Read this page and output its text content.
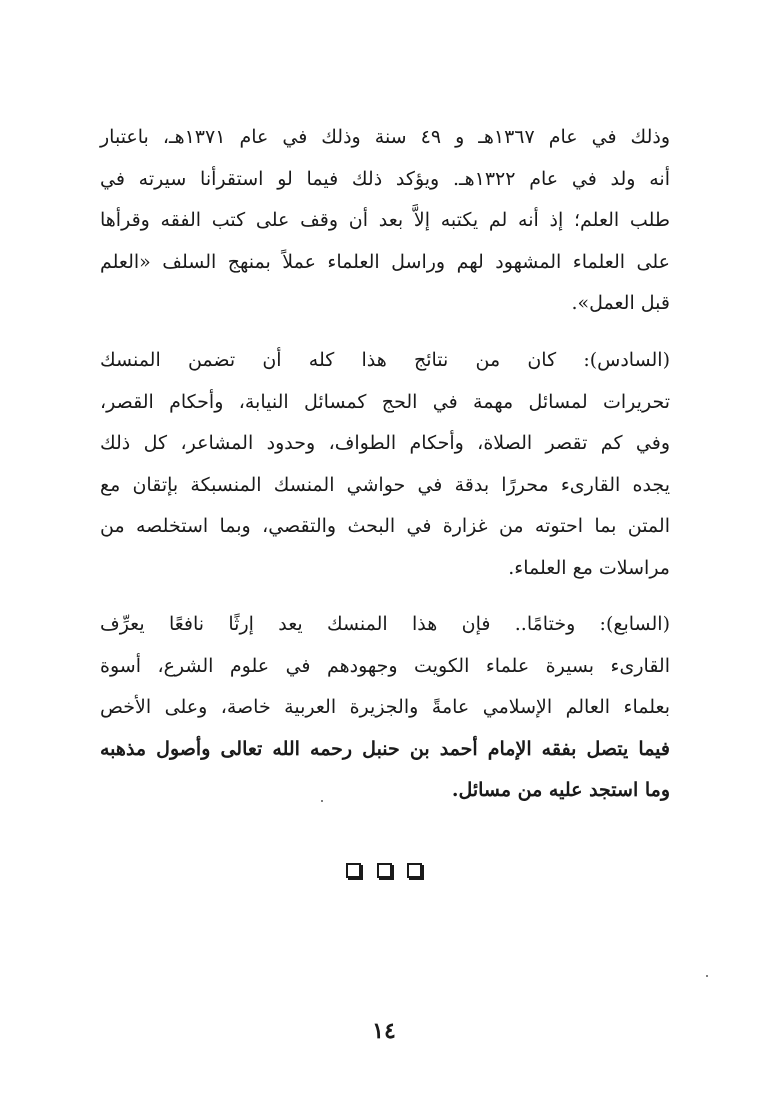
وذلك في عام ١٣٦٧هـ و ٤٩ سنة وذلك في عام ١٣٧١هـ، باعتبار
أنه ولد في عام ١٣٢٢هـ. ويؤكد ذلك فيما لو استقرأنا سيرته في
طلب العلم؛ إذ أنه لم يكتبه إلاَّ بعد أن وقف على كتب الفقه وقرأها
على العلماء المشهود لهم وراسل العلماء عملاً بمنهج السلف «العلم
قبل العمل».
(السادس): كان من نتائج هذا كله أن تضمن المنسك
تحريرات لمسائل مهمة في الحج كمسائل النيابة، وأحكام القصر،
وفي كم تقصر الصلاة، وأحكام الطواف، وحدود المشاعر، كل ذلك
يجده القارىء محررًا بدقة في حواشي المنسك المنسبكة بإتقان مع
المتن بما احتوته من غزارة في البحث والتقصي، وبما استخلصه من
مراسلات مع العلماء.
(السابع): وختامًا.. فإن هذا المنسك يعد إرثًا نافعًا يعرِّف
القارىء بسيرة علماء الكويت وجهودهم في علوم الشرع، أسوة
بعلماء العالم الإسلامي عامةً والجزيرة العربية خاصة، وعلى الأخص
فيما يتصل بفقه الإمام أحمد بن حنبل رحمه الله تعالى وأصول مذهبه
وما استجد عليه من مسائل.

١٤
